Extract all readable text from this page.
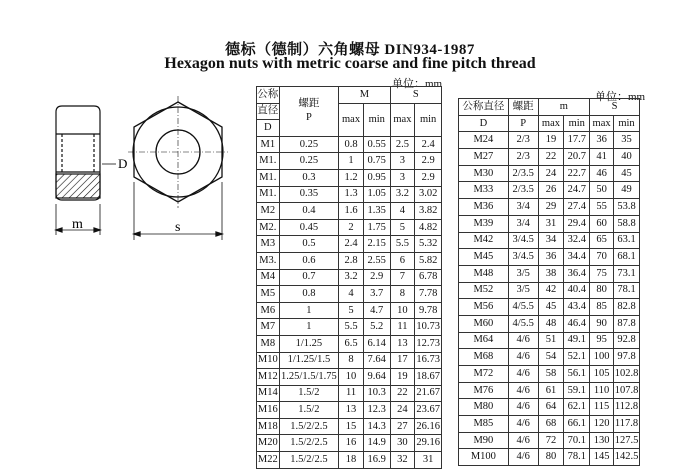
德标（德制）六角螺母 DIN934-1987
Hexagon nuts with metric coarse and fine pitch thread
D
m	s
单位：mm
单位：mm
公称	螺距
P	M		S	
直径		max	min	max	min
D					
M1	0.25	0.8	0.55	2.5	2.4
M1.	0.25	1	0.75	3	2.9
M1.	0.3	1.2	0.95	3	2.9
M1.	0.35	1.3	1.05	3.2	3.02
M2	0.4	1.6	1.35	4	3.82
M2.	0.45	2	1.75	5	4.82
M3	0.5	2.4	2.15	5.5	5.32
M3.	0.6	2.8	2.55	6	5.82
M4	0.7	3.2	2.9	7	6.78
M5	0.8	4	3.7	8	7.78
M6	1	5	4.7	10	9.78
M7	1	5.5	5.2	11	10.73
M8	1/1.25	6.5	6.14	13	12.73
M10	1/1.25/1.5	8	7.64	17	16.73
M12	1.25/1.5/1.75	10	9.64	19	18.67
M14	1.5/2	11	10.3	22	21.67
M16	1.5/2	13	12.3	24	23.67
M18	1.5/2/2.5	15	14.3	27	26.16
M20	1.5/2/2.5	16	14.9	30	29.16
M22	1.5/2/2.5	18	16.9	32	31
公称直径	螺距	m		S	
D	P	max	min	max	min
M24	2/3	19	17.7	36	35
M27	2/3	22	20.7	41	40
M30	2/3.5	24	22.7	46	45
M33	2/3.5	26	24.7	50	49
M36	3/4	29	27.4	55	53.8
M39	3/4	31	29.4	60	58.8
M42	3/4.5	34	32.4	65	63.1
M45	3/4.5	36	34.4	70	68.1
M48	3/5	38	36.4	75	73.1
M52	3/5	42	40.4	80	78.1
M56	4/5.5	45	43.4	85	82.8
M60	4/5.5	48	46.4	90	87.8
M64	4/6	51	49.1	95	92.8
M68	4/6	54	52.1	100	97.8
M72	4/6	58	56.1	105	102.8
M76	4/6	61	59.1	110	107.8
M80	4/6	64	62.1	115	112.8
M85	4/6	68	66.1	120	117.8
M90	4/6	72	70.1	130	127.5
M100	4/6	80	78.1	145	142.5
